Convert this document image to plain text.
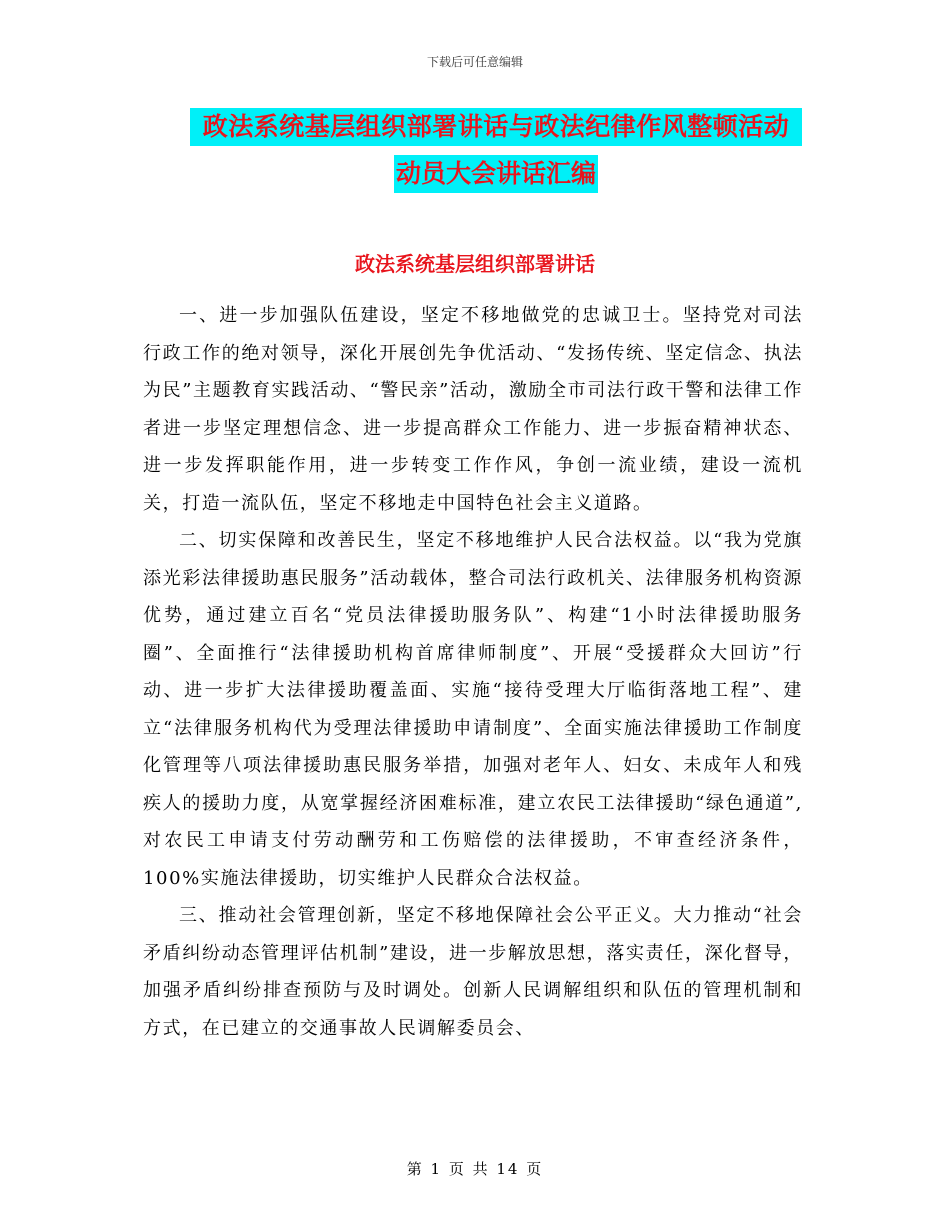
下载后可任意编辑
政法系统基层组织部署讲话与政法纪律作风整顿活动
动员大会讲话汇编
政法系统基层组织部署讲话

一、进一步加强队伍建设，坚定不移地做党的忠诚卫士。坚持党对司法行政工作的绝对领导，深化开展创先争优活动、“发扬传统、坚定信念、执法为民”主题教育实践活动、“警民亲”活动，激励全市司法行政干警和法律工作者进一步坚定理想信念、进一步提高群众工作能力、进一步振奋精神状态、进一步发挥职能作用，进一步转变工作作风，争创一流业绩，建设一流机关，打造一流队伍，坚定不移地走中国特色社会主义道路。

二、切实保障和改善民生，坚定不移地维护人民合法权益。以“我为党旗添光彩法律援助惠民服务”活动载体，整合司法行政机关、法律服务机构资源优势，通过建立百名“党员法律援助服务队”、构建“1小时法律援助服务圈”、全面推行“法律援助机构首席律师制度”、开展“受援群众大回访”行动、进一步扩大法律援助覆盖面、实施“接待受理大厅临街落地工程”、建立“法律服务机构代为受理法律援助申请制度”、全面实施法律援助工作制度化管理等八项法律援助惠民服务举措，加强对老年人、妇女、未成年人和残疾人的援助力度，从宽掌握经济困难标准，建立农民工法律援助“绿色通道”,对农民工申请支付劳动酬劳和工伤赔偿的法律援助，不审查经济条件，100%实施法律援助，切实维护人民群众合法权益。

三、推动社会管理创新，坚定不移地保障社会公平正义。大力推动“社会矛盾纠纷动态管理评估机制”建设，进一步解放思想，落实责任，深化督导，加强矛盾纠纷排查预防与及时调处。创新人民调解组织和队伍的管理机制和方式，在已建立的交通事故人民调解委员会、

第 1 页 共 14 页
